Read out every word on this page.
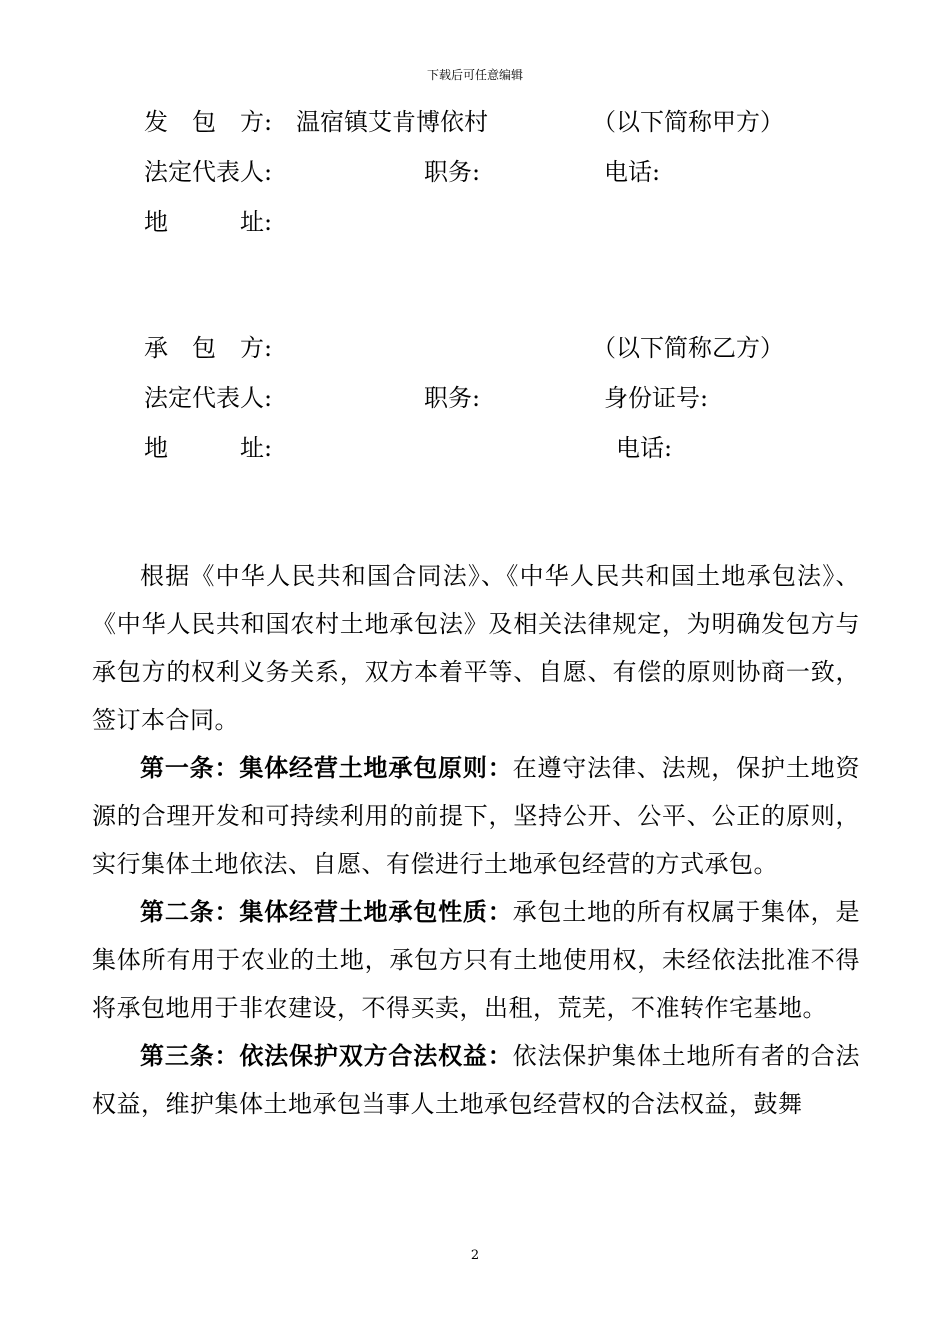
下载后可任意编辑
发　包　方: 温宿镇艾肯博依村	（以下简称甲方）
法定代表人:	职务:	电话:
地　　　址:
承　包　方:	（以下简称乙方）
法定代表人:	职务:	身份证号:
地　　　址:	电话:

根据《中华人民共和国合同法》、《中华人民共和国土地承包法》、《中华人民共和国农村土地承包法》及相关法律规定，为明确发包方与承包方的权利义务关系，双方本着平等、自愿、有偿的原则协商一致，签订本合同。

第一条：集体经营土地承包原则：在遵守法律、法规，保护土地资源的合理开发和可持续利用的前提下，坚持公开、公平、公正的原则，实行集体土地依法、自愿、有偿进行土地承包经营的方式承包。

第二条：集体经营土地承包性质：承包土地的所有权属于集体，是集体所有用于农业的土地，承包方只有土地使用权，未经依法批准不得将承包地用于非农建设，不得买卖，出租，荒芜，不准转作宅基地。

第三条：依法保护双方合法权益：依法保护集体土地所有者的合法权益，维护集体土地承包当事人土地承包经营权的合法权益，鼓舞

2
